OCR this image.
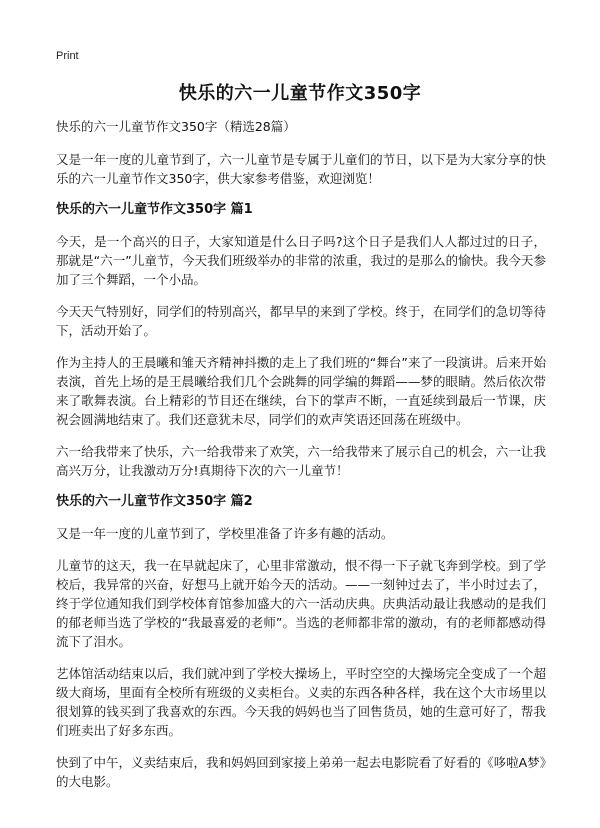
Print
快乐的六一儿童节作文350字

快乐的六一儿童节作文350字（精选28篇）

又是一年一度的儿童节到了，六一儿童节是专属于儿童们的节日，以下是为大家分享的快乐的六一儿童节作文350字，供大家参考借鉴，欢迎浏览！

快乐的六一儿童节作文350字 篇1

今天，是一个高兴的日子，大家知道是什么日子吗?这个日子是我们人人都过过的日子，那就是“六一”儿童节，今天我们班级举办的非常的浓重，我过的是那么的愉快。我今天参加了三个舞蹈，一个小品。

今天天气特别好，同学们的特别高兴，都早早的来到了学校。终于，在同学们的急切等待下，活动开始了。

作为主持人的王晨曦和雏天齐精神抖擞的走上了我们班的“舞台”来了一段演讲。后来开始表演，首先上场的是王晨曦给我们几个会跳舞的同学编的舞蹈——梦的眼睛。然后依次带来了歌舞表演。台上精彩的节目还在继续，台下的掌声不断，一直延续到最后一节课，庆祝会圆满地结束了。我们还意犹未尽，同学们的欢声笑语还回荡在班级中。

六一给我带来了快乐，六一给我带来了欢笑，六一给我带来了展示自己的机会，六一让我高兴万分，让我激动万分!真期待下次的六一儿童节！

快乐的六一儿童节作文350字 篇2

又是一年一度的儿童节到了，学校里准备了许多有趣的活动。

儿童节的这天，我一在早就起床了，心里非常激动，恨不得一下子就飞奔到学校。到了学校后，我异常的兴奋，好想马上就开始今天的活动。——一刻钟过去了，半小时过去了，终于学位通知我们到学校体育馆参加盛大的六一活动庆典。庆典活动最让我感动的是我们的郁老师当选了学校的“我最喜爱的老师”。当选的老师都非常的激动，有的老师都感动得流下了泪水。

艺体馆活动结束以后，我们就冲到了学校大操场上，平时空空的大操场完全变成了一个超级大商场，里面有全校所有班级的义卖柜台。义卖的东西各种各样，我在这个大市场里以很划算的钱买到了我喜欢的东西。今天我的妈妈也当了回售货员，她的生意可好了，帮我们班卖出了好多东西。

快到了中午，义卖结束后，我和妈妈回到家接上弟弟一起去电影院看了好看的《哆啦A梦》的大电影。
